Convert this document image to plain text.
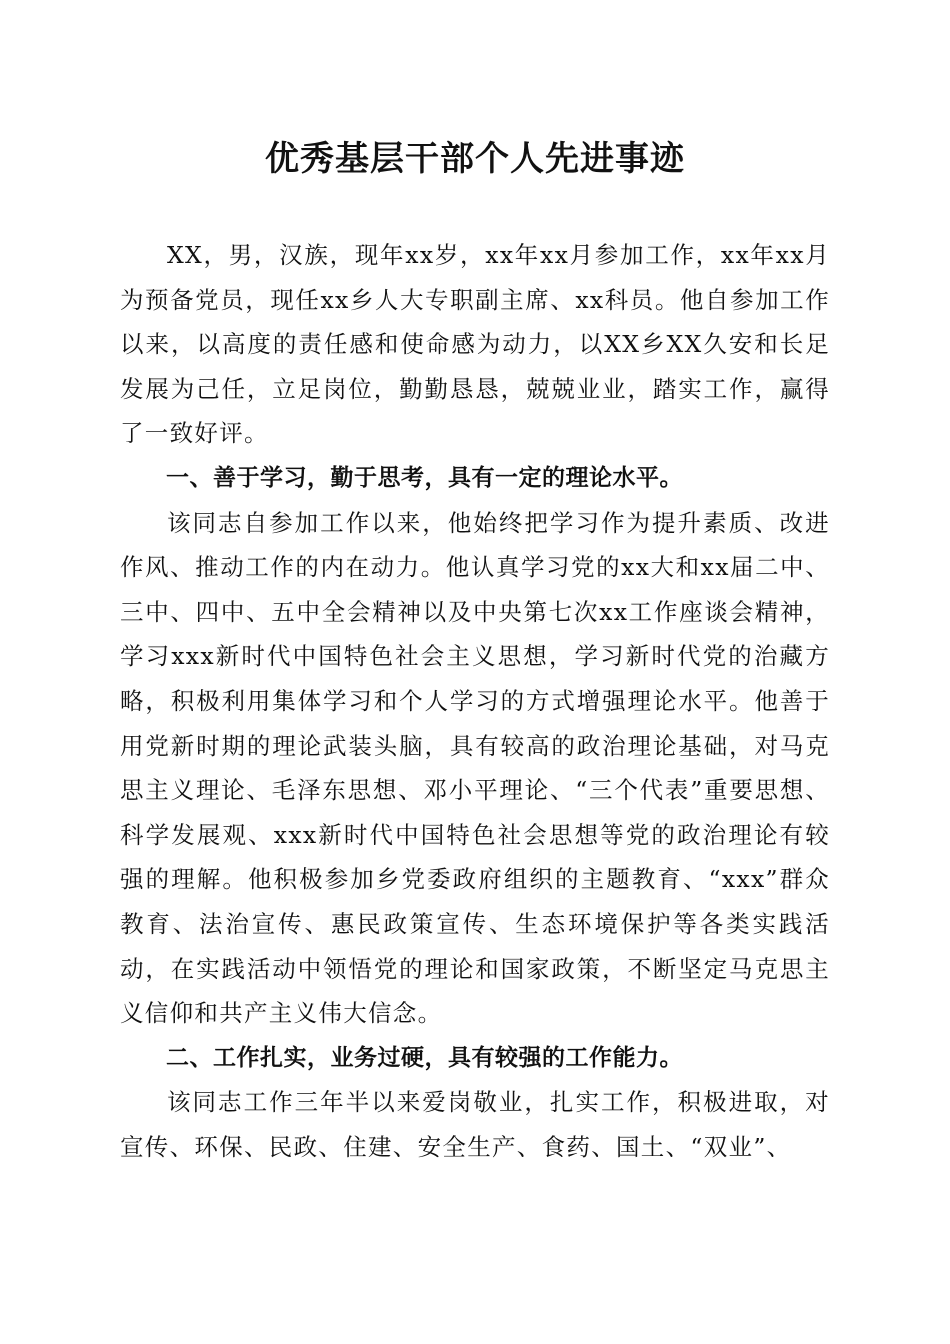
优秀基层干部个人先进事迹

XX，男，汉族，现年xx岁，xx年xx月参加工作，xx年xx月为预备党员，现任xx乡人大专职副主席、xx科员。他自参加工作以来，以高度的责任感和使命感为动力，以XX乡XX久安和长足发展为己任，立足岗位，勤勤恳恳，兢兢业业，踏实工作，赢得了一致好评。

一、善于学习，勤于思考，具有一定的理论水平。

该同志自参加工作以来，他始终把学习作为提升素质、改进作风、推动工作的内在动力。他认真学习党的xx大和xx届二中、三中、四中、五中全会精神以及中央第七次xx工作座谈会精神，学习xxx新时代中国特色社会主义思想，学习新时代党的治藏方略，积极利用集体学习和个人学习的方式增强理论水平。他善于用党新时期的理论武装头脑，具有较高的政治理论基础，对马克思主义理论、毛泽东思想、邓小平理论、“三个代表”重要思想、科学发展观、xxx新时代中国特色社会思想等党的政治理论有较强的理解。他积极参加乡党委政府组织的主题教育、“xxx”群众教育、法治宣传、惠民政策宣传、生态环境保护等各类实践活动，在实践活动中领悟党的理论和国家政策，不断坚定马克思主义信仰和共产主义伟大信念。

二、工作扎实，业务过硬，具有较强的工作能力。

该同志工作三年半以来爱岗敬业，扎实工作，积极进取，对宣传、环保、民政、住建、安全生产、食药、国土、“双业”、
